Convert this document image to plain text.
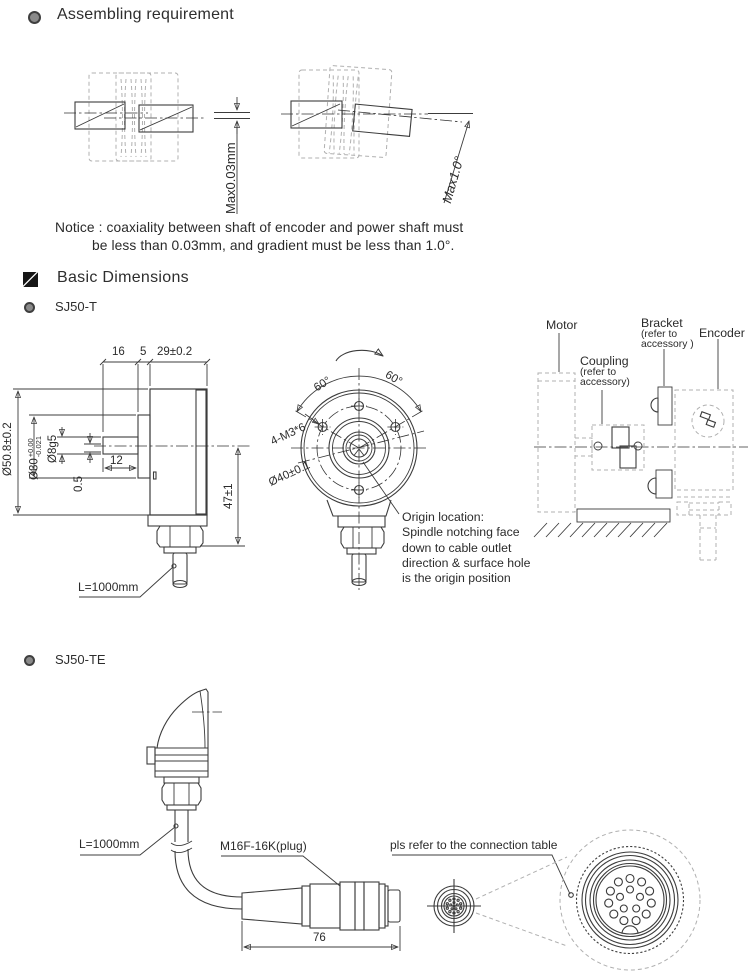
Assembling requirement
Max0.03mm	Max1.0°
Notice : coaxiality between shaft of encoder and power shaft must
be less than 0.03mm, and gradient must be less than 1.0°.
Basic Dimensions
SJ50-T
16 5 29±0.2
Ø50.8±0.2 Ø30
+0.00
-0.021 Ø8g5	12
0.5	47±1
L=1000mm
60°	60°
4-M3*6
Ø40±0.1
Origin location:
Spindle notching face
down to cable outlet
direction & surface hole
is the origin position
Motor
Coupling
(refer to
accessory)
Bracket
(refer to
accessory )
Encoder
SJ50-TE
L=1000mm	M16F-16K(plug)
76
pls refer to the connection table
